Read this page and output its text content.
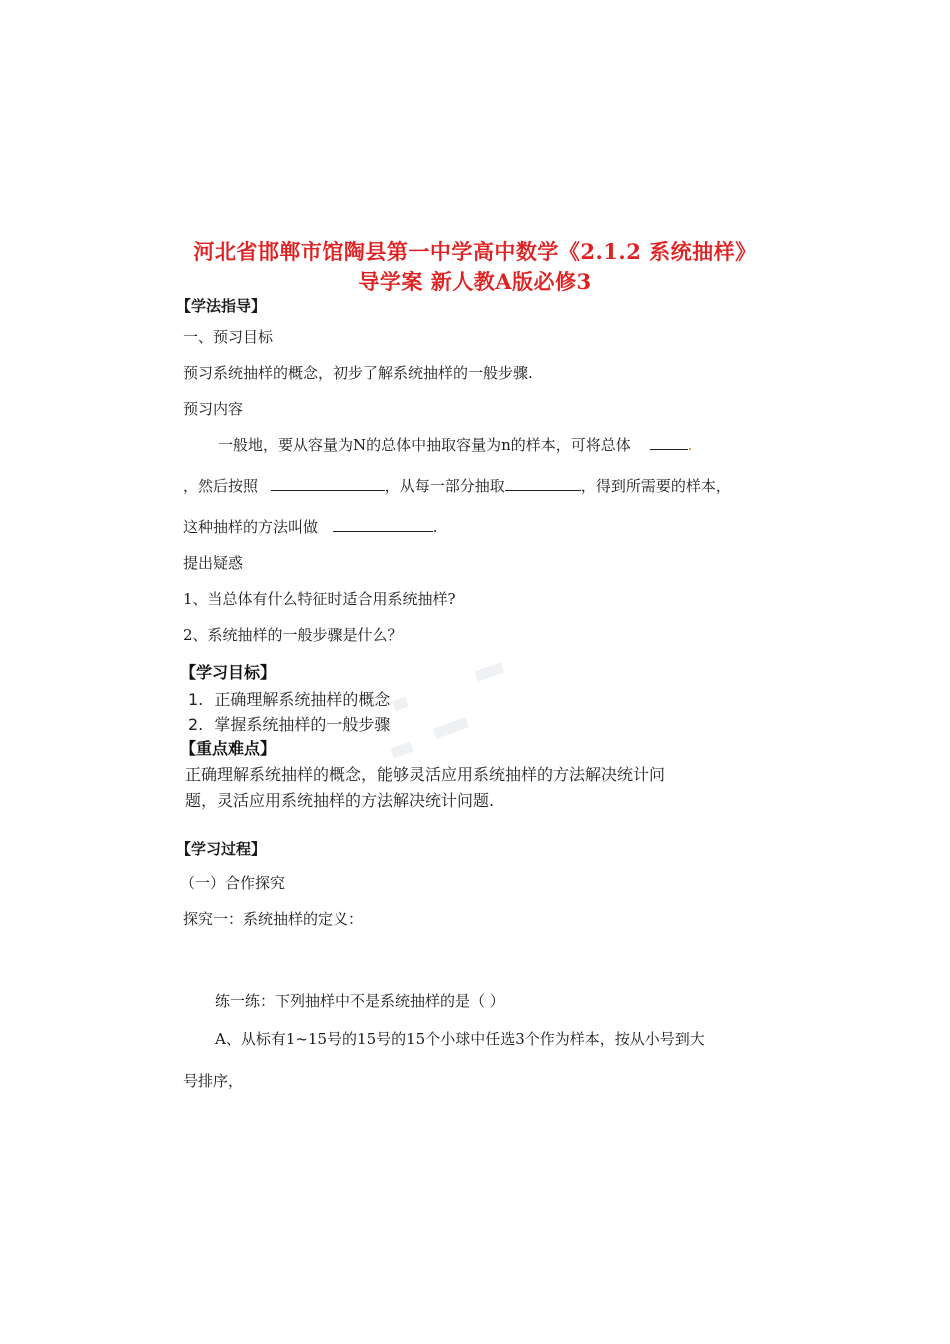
河北省邯郸市馆陶县第一中学高中数学《2.1.2 系统抽样》
导学案 新人教A版必修3
【学法指导】
一、预习目标
预习系统抽样的概念，初步了解系统抽样的一般步骤.
预习内容
一般地，要从容量为N的总体中抽取容量为n的样本，可将总体	.
，然后按照	，从每一部分抽取	，得到所需要的样本，
这种抽样的方法叫做	.
提出疑惑
1、当总体有什么特征时适合用系统抽样?
2、系统抽样的一般步骤是什么？
▒▒▒▒
▒▒
▒▒▒▒▒
▒▒▒
【学习目标】
1. 正确理解系统抽样的概念
2. 掌握系统抽样的一般步骤
【重点难点】
正确理解系统抽样的概念，能够灵活应用系统抽样的方法解决统计问
题，灵活应用系统抽样的方法解决统计问题.
【学习过程】
（一）合作探究
探究一：系统抽样的定义：
练一练：下列抽样中不是系统抽样的是（ ）
A、从标有1~15号的15号的15个小球中任选3个作为样本，按从小号到大
号排序，
